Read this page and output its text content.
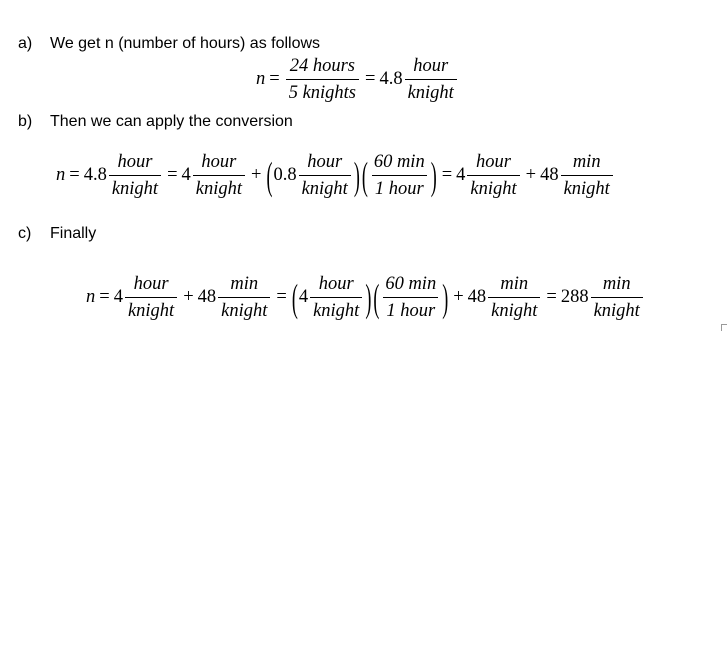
a) We get n (number of hours) as follows
$n = \frac{\text{24 hours}}{\text{5 knights}} = 4.8 \frac{\text{hour}}{\text{knight}}$
b) Then we can apply the conversion
$n = 4.8 \frac{\text{hour}}{\text{knight}} = 4 \frac{\text{hour}}{\text{knight}}$ + ( $0.8 \frac{\text{hour}}{\text{knight}}$ ) ( $\frac{60 \min}{\text{1 hour}}$ ) = $4 \frac{\text{hour}}{\text{knight}} + 48 \frac{\min}{\text{knight}}$
c) Finally
$n = 4 \frac{\text{hour}}{\text{knight}} + 48 \frac{\min}{\text{knight}}$ = ( $4 \frac{\text{hour}}{\text{knight}}$ ) ( $\frac{60 \min}{\text{1 hour}}$ ) + $48 \frac{\min}{\text{knight}} = 288 \frac{\min}{\text{knight}}$
